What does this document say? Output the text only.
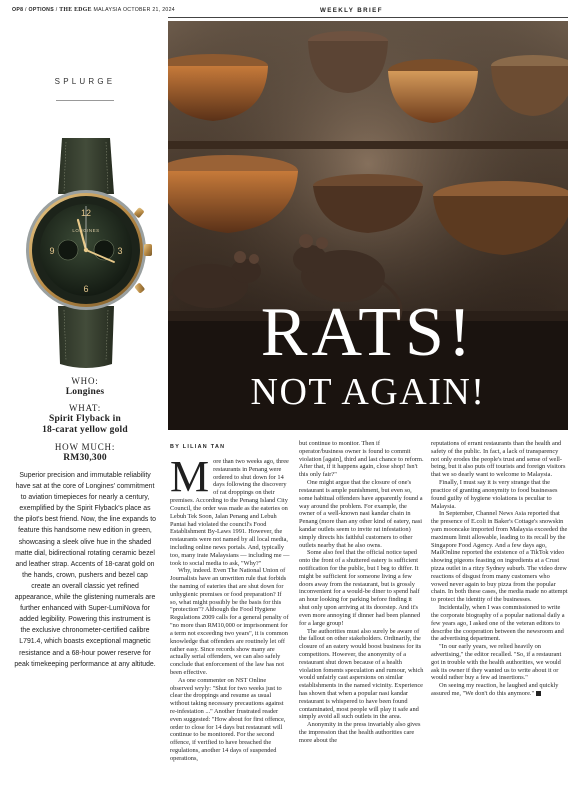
OP8 / OPTIONS / THE EDGE MALAYSIA OCTOBER 21, 2024	WEEKLY BRIEF
SPLURGE
12
3
6
9
LONGINES
WHO:
Longines
WHAT:
Spirit Flyback in
18-carat yellow gold
HOW MUCH:
RM30,300
Superior precision and immutable reliability have sat at the core of Longines' commitment to aviation timepieces for nearly a century, exemplified by the Spirit Flyback's place as the pilot's best friend. Now, the line expands to feature this handsome new edition in green, showcasing a sleek olive hue in the shaded matte dial, bidirectional rotating ceramic bezel and leather strap. Accents of 18-carat gold on the hands, crown, pushers and bezel cap create an overall classic yet refined appearance, while the glistening numerals are further enhanced with Super-LumiNova for added legibility. Powering this instrument is the exclusive chronometer-certified calibre L791.4, which boasts exceptional magnetic resistance and a 68-hour power reserve for peak timekeeping performance at any altitude.
RATS!
NOT AGAIN!
BY LILIAN TAN

More than two weeks ago, three restaurants in Penang were ordered to shut down for 14 days following the discovery of rat droppings on their premises. According to the Penang Island City Council, the order was made as the eateries on Lebuh Tek Soon, Jalan Penang and Lebuh Pantai had violated the council's Food Establishment By-Laws 1991. However, the restaurants were not named by all local media, including online news portals. And, typically too, many irate Malaysians — including me — took to social media to ask, "Why?"

Why, indeed. Even The National Union of Journalists have an unwritten rule that forbids the naming of eateries that are shut down for unhygienic premises or food preparation? If so, what might possibly be the basis for this "protection"? Although the Food Hygiene Regulations 2009 calls for a general penalty of "no more than RM10,000 or imprisonment for a term not exceeding two years", it is common knowledge that offenders are routinely let off rather easy. Since records show many are actually serial offenders, we can also safely conclude that enforcement of the law has not been effective.

As one commenter on NST Online observed wryly: "Shut for two weeks just to clear the droppings and resume as usual without taking necessary precautions against re-infestation ..." Another frustrated reader even suggested: "How about for first offence, order to close for 14 days but restaurant will continue to be monitored. For the second offence, if verified to have breached the regulations, another 14 days of suspended operations,

but continue to monitor. Then if operator/business owner is found to commit violation [again], third and last chance to reform. After that, if it happens again, close shop! Isn't this only fair?"

One might argue that the closure of one's restaurant is ample punishment, but even so, some habitual offenders have apparently found a way around the problem. For example, the owner of a well-known nasi kandar chain in Penang (more than any other kind of eatery, nasi kandar outlets seem to invite rat infestation) simply directs his faithful customers to other outlets nearby that he also owns.

Some also feel that the official notice taped onto the front of a shuttered eatery is sufficient notification for the public, but I beg to differ. It might be sufficient for someone living a few doors away from the restaurant, but is grossly inconvenient for a would-be diner to spend half an hour looking for parking before finding it shut only upon arriving at its doorstep. And it's even more annoying if dinner had been planned for a large group!

The authorities must also surely be aware of the fallout on other stakeholders. Ordinarily, the closure of an eatery would boost business for its competitors. However, the anonymity of a restaurant shut down because of a health violation foments speculation and rumour, which would unfairly cast aspersions on similar establishments in the named vicinity. Experience has shown that when a popular nasi kandar restaurant is whispered to have been found contaminated, most people will play it safe and simply avoid all such outlets in the area.

Anonymity in the press invariably also gives the impression that the health authorities care more about the

reputations of errant restaurants than the health and safety of the public. In fact, a lack of transparency not only erodes the people's trust and sense of well-being, but it also puts off tourists and foreign visitors that we so dearly want to welcome to Malaysia.

Finally, I must say it is very strange that the practice of granting anonymity to food businesses found guilty of hygiene violations is peculiar to Malaysia.

In September, Channel News Asia reported that the presence of E.coli in Baker's Cottage's snowskin yam mooncake imported from Malaysia exceeded the maximum limit allowable, leading to its recall by the Singapore Food Agency. And a few days ago, MailOnline reported the existence of a TikTok video showing pigeons feasting on ingredients at a Crust pizza outlet in a ritzy Sydney suburb. The video drew reactions of disgust from many customers who vowed never again to buy pizza from the popular chain. In both these cases, the media made no attempt to protect the identity of the businesses.

Incidentally, when I was commissioned to write the corporate biography of a popular national daily a few years ago, I asked one of the veteran editors to describe the cooperation between the newsroom and the advertising department.

"In our early years, we relied heavily on advertising," the editor recalled. "So, if a restaurant got in trouble with the health authorities, we would ask its owner if they wanted us to write about it or would rather buy a few ad insertions."

On seeing my reaction, he laughed and quickly assured me, "We don't do this anymore."
